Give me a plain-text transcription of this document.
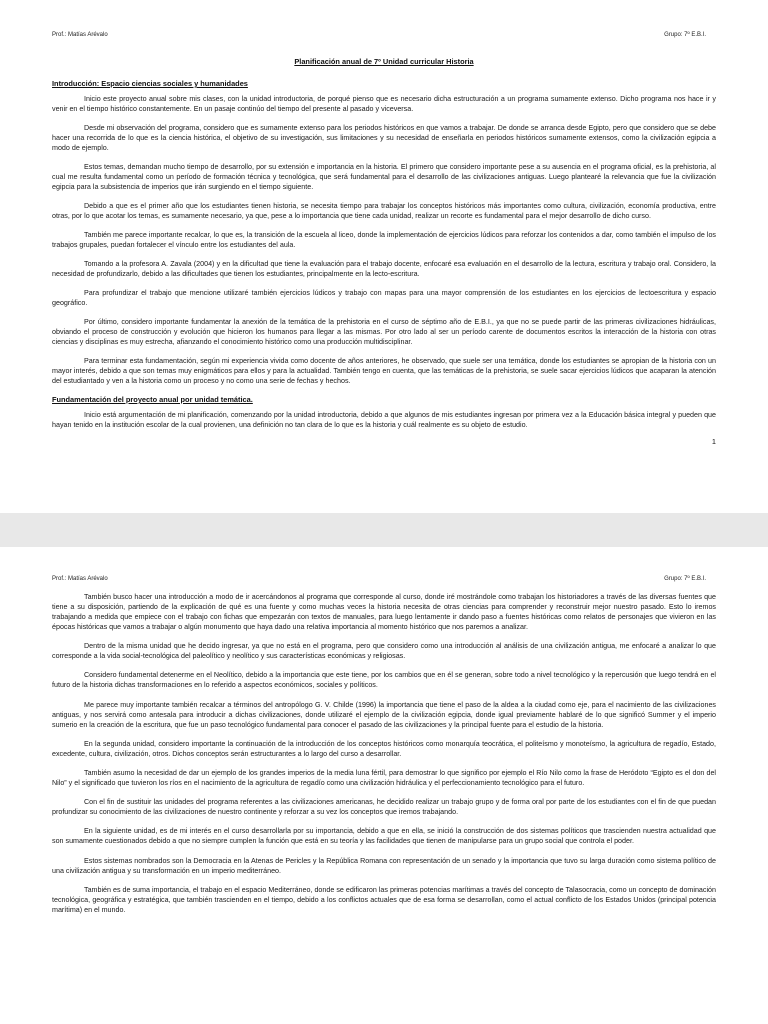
Prof.: Matías Arévalo	Grupo: 7º E.B.I.
Planificación anual de 7º Unidad curricular Historia
Introducción: Espacio ciencias sociales y humanidades

Inicio este proyecto anual sobre mis clases, con la unidad introductoria, de porqué pienso que es necesario dicha estructuración a un programa sumamente extenso. Dicho programa nos hace ir y venir en el tiempo histórico constantemente. En un pasaje continúo del tiempo del presente al pasado y viceversa.

Desde mi observación del programa, considero que es sumamente extenso para los periodos históricos en que vamos a trabajar. De donde se arranca desde Egipto, pero que considero que se debe hacer una recorrida de lo que es la ciencia histórica, el objetivo de su investigación, sus limitaciones y su necesidad de enseñarla en periodos históricos sumamente extensos, como la civilización egipcia a modo de ejemplo.

Estos temas, demandan mucho tiempo de desarrollo, por su extensión e importancia en la historia. El primero que considero importante pese a su ausencia en el programa oficial, es la prehistoria, al cual me resulta fundamental como un período de formación técnica y tecnológica, que será fundamental para el desarrollo de las civilizaciones antiguas. Luego plantearé la relevancia que fue la civilización egipcia para la subsistencia de imperios que irán surgiendo en el tiempo siguiente.

Debido a que es el primer año que los estudiantes tienen historia, se necesita tiempo para trabajar los conceptos históricos más importantes como cultura, civilización, economía productiva, entre otras, por lo que acotar los temas, es sumamente necesario, ya que, pese a lo importancia que tiene cada unidad, realizar un recorte es fundamental para el mejor desarrollo de dicho curso.

También me parece importante recalcar, lo que es, la transición de la escuela al liceo, donde la implementación de ejercicios lúdicos para reforzar los contenidos a dar, como también el impulso de los trabajos grupales, puedan fortalecer el vínculo entre los estudiantes del aula.

Tomando a la profesora A. Zavala (2004) y en la dificultad que tiene la evaluación para el trabajo docente, enfocaré esa evaluación en el desarrollo de la lectura, escritura y trabajo oral. Considero, la necesidad de profundizarlo, debido a las dificultades que tienen los estudiantes, principalmente en la lecto-escritura.

Para profundizar el trabajo que mencione utilizaré también ejercicios lúdicos y trabajo con mapas para una mayor comprensión de los estudiantes en los ejercicios de lectoescritura y espacio geográfico.

Por último, considero importante fundamentar la anexión de la temática de la prehistoria en el curso de séptimo año de E.B.I., ya que no se puede partir de las primeras civilizaciones hidráulicas, obviando el proceso de construcción y evolución que hicieron los humanos para llegar a las mismas. Por otro lado al ser un período carente de documentos escritos la interacción de la historia con otras ciencias y disciplinas es muy estrecha, afianzando el conocimiento histórico como una producción multidisciplinar.

Para terminar esta fundamentación, según mi experiencia vivida como docente de años anteriores, he observado, que suele ser una temática, donde los estudiantes se apropian de la historia con un mayor interés, debido a que son temas muy enigmáticos para ellos y para la actualidad. También tengo en cuenta, que las temáticas de la prehistoria, se suele sacar ejercicios lúdicos que acaparan la atención del estudiantado y ven a la historia como un proceso y no como una serie de fechas y hechos.

Fundamentación del proyecto anual por unidad temática.

Inicio está argumentación de mi planificación, comenzando por la unidad introductoria, debido a que algunos de mis estudiantes ingresan por primera vez a la Educación básica integral y pueden que hayan tenido en la institución escolar de la cual provienen, una definición no tan clara de lo que es la historia y cuál realmente es su objeto de estudio.

1
Prof.: Matías Arévalo	Grupo: 7º E.B.I.

También busco hacer una introducción a modo de ir acercándonos al programa que corresponde al curso, donde iré mostrándole como trabajan los historiadores a través de las diversas fuentes que tiene a su disposición, partiendo de la explicación de qué es una fuente y como muchas veces la historia necesita de otras ciencias para comprender y reconstruir mejor nuestro pasado. Esto lo iremos trabajando a medida que empiece con el trabajo con fichas que empezarán con textos de manuales, para luego lentamente ir dando paso a fuentes históricas como relatos de personajes que vivieron en las épocas históricas que vamos a trabajar o algún monumento que haya dado una relativa importancia al momento histórico que nos paremos a analizar.

Dentro de la misma unidad que he decido ingresar, ya que no está en el programa, pero que considero como una introducción al análisis de una civilización antigua, me enfocaré a analizar lo que corresponde a la vida social-tecnológica del paleolítico y neolítico y sus características económicas y religiosas.

Considero fundamental detenerme en el Neolítico, debido a la importancia que este tiene, por los cambios que en él se generan, sobre todo a nivel tecnológico y la repercusión que luego tendrá en el futuro de la historia dichas transformaciones en lo referido a aspectos económicos, sociales y políticos.

Me parece muy importante también recalcar a términos del antropólogo G. V. Childe (1996) la importancia que tiene el paso de la aldea a la ciudad como eje, para el nacimiento de las civilizaciones antiguas, y nos servirá como antesala para introducir a dichas civilizaciones, donde utilizaré el ejemplo de la civilización egipcia, donde igual previamente hablaré de lo que significó Summer y el imperio sumerio en la creación de la escritura, que fue un paso tecnológico fundamental para conocer el pasado de las civilizaciones y la principal fuente para el estudio de la historia.

En la segunda unidad, considero importante la continuación de la introducción de los conceptos históricos como monarquía teocrática, el politeísmo y monoteísmo, la agricultura de regadío, Estado, excedente, cultura, civilización, otros. Dichos conceptos serán estructurantes a lo largo del curso a desarrollar.

También asumo la necesidad de dar un ejemplo de los grandes imperios de la media luna fértil, para demostrar lo que significo por ejemplo el Río Nilo como la frase de Heródoto “Egipto es el don del Nilo” y el significado que tuvieron los ríos en el nacimiento de la agricultura de regadío como una civilización hidráulica y el perfeccionamiento tecnológico para el futuro.

Con el fin de sustituir las unidades del programa referentes a las civilizaciones americanas, he decidido realizar un trabajo grupo y de forma oral por parte de los estudiantes con el fin de que puedan profundizar su conocimiento de las civilizaciones de nuestro continente y reforzar a su vez los conceptos que iremos trabajando.

En la siguiente unidad, es de mi interés en el curso desarrollarla por su importancia, debido a que en ella, se inició la construcción de dos sistemas políticos que trascienden nuestra actualidad que son sumamente cuestionados debido a que no siempre cumplen la función que está en su teoría y las facilidades que tienen de manipularse para un grupo social que controla el poder.

Estos sistemas nombrados son la Democracia en la Atenas de Pericles y la República Romana con representación de un senado y la importancia que tuvo su larga duración como sistema político de una civilización antigua y su transformación en un imperio mediterráneo.

También es de suma importancia, el trabajo en el espacio Mediterráneo, donde se edificaron las primeras potencias marítimas a través del concepto de Talasocracia, como un concepto de dominación tecnológica, geográfica y estratégica, que también trascienden en el tiempo, debido a los conflictos actuales que de esa forma se desarrollan, como el actual conflicto de los Estados Unidos (principal potencia marítima) en el mundo.
